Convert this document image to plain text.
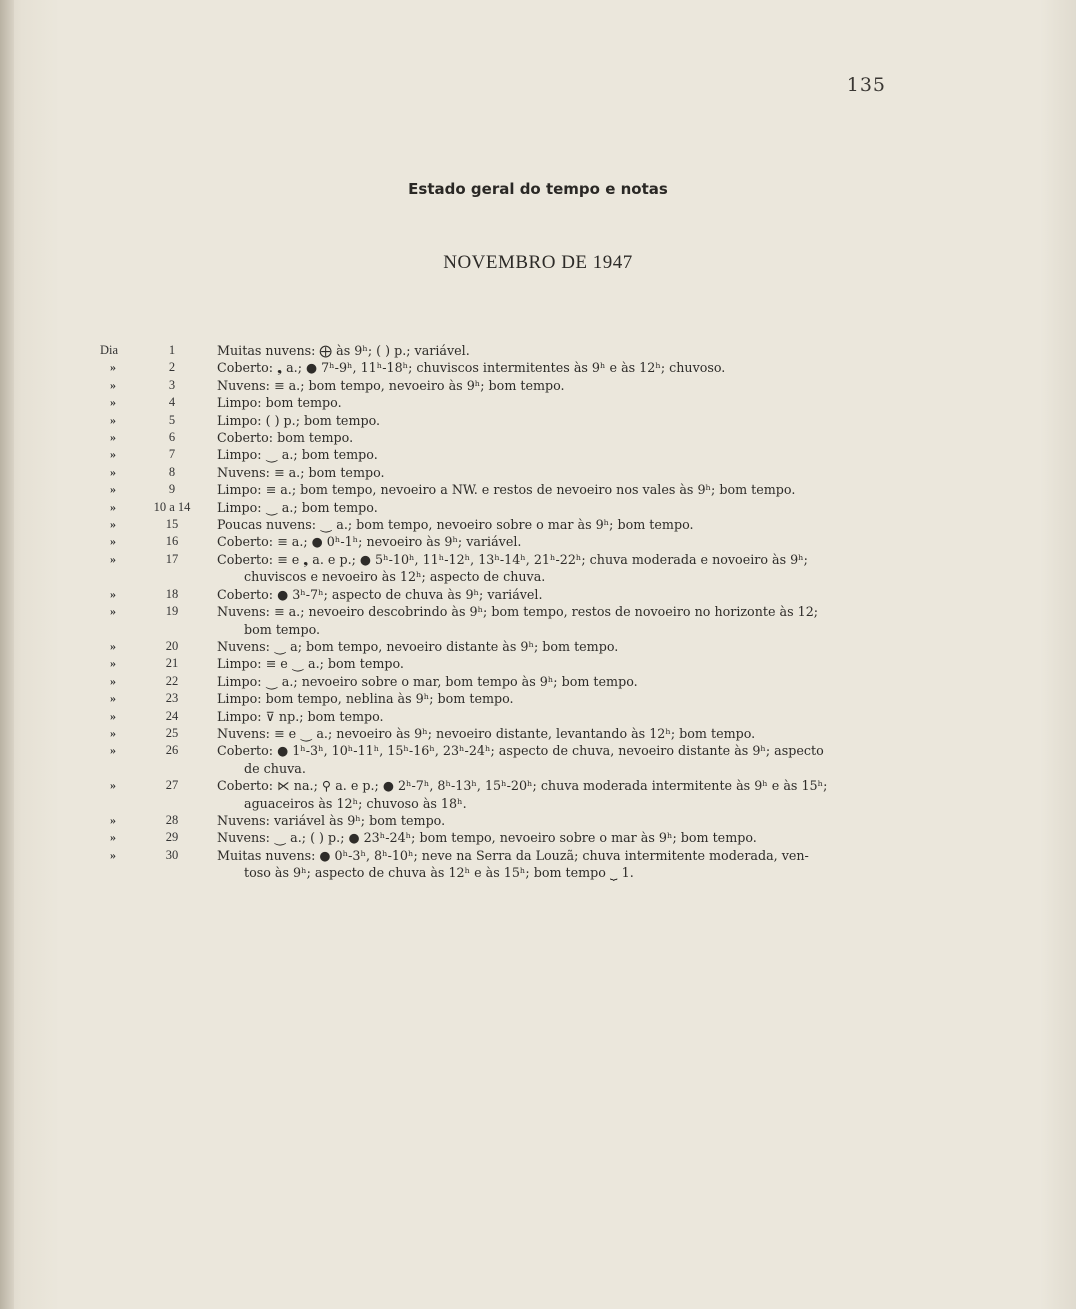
135
Estado geral do tempo e notas
NOVEMBRO DE 1947
Dia	1	Muitas nuvens: ⨁ às 9ʰ; ( ) p.; variável.
»	2	Coberto: ❟ a.; ● 7ʰ-9ʰ, 11ʰ-18ʰ; chuviscos intermitentes às 9ʰ e às 12ʰ; chuvoso.
»	3	Nuvens: ≡ a.; bom tempo, nevoeiro às 9ʰ; bom tempo.
»	4	Limpo: bom tempo.
»	5	Limpo: ( ) p.; bom tempo.
»	6	Coberto: bom tempo.
»	7	Limpo: ⏝ a.; bom tempo.
»	8	Nuvens: ≡ a.; bom tempo.
»	9	Limpo: ≡ a.; bom tempo, nevoeiro a NW. e restos de nevoeiro nos vales às 9ʰ; bom tempo.
»	10 a 14	Limpo: ⏝ a.; bom tempo.
»	15	Poucas nuvens: ⏝ a.; bom tempo, nevoeiro sobre o mar às 9ʰ; bom tempo.
»	16	Coberto: ≡ a.; ● 0ʰ-1ʰ; nevoeiro às 9ʰ; variável.
»	17	Coberto: ≡ e ❟ a. e p.; ● 5ʰ-10ʰ, 11ʰ-12ʰ, 13ʰ-14ʰ, 21ʰ-22ʰ; chuva moderada e novoeiro às 9ʰ;
chuviscos e nevoeiro às 12ʰ; aspecto de chuva.
»	18	Coberto: ● 3ʰ-7ʰ; aspecto de chuva às 9ʰ; variável.
»	19	Nuvens: ≡ a.; nevoeiro descobrindo às 9ʰ; bom tempo, restos de novoeiro no horizonte às 12;
bom tempo.
»	20	Nuvens: ⏝ a; bom tempo, nevoeiro distante às 9ʰ; bom tempo.
»	21	Limpo: ≡ e ⏝ a.; bom tempo.
»	22	Limpo: ⏝ a.; nevoeiro sobre o mar, bom tempo às 9ʰ; bom tempo.
»	23	Limpo: bom tempo, neblina às 9ʰ; bom tempo.
»	24	Limpo: ⊽ np.; bom tempo.
»	25	Nuvens: ≡ e ⏝ a.; nevoeiro às 9ʰ; nevoeiro distante, levantando às 12ʰ; bom tempo.
»	26	Coberto: ● 1ʰ-3ʰ, 10ʰ-11ʰ, 15ʰ-16ʰ, 23ʰ-24ʰ; aspecto de chuva, nevoeiro distante às 9ʰ; aspecto
de chuva.
»	27	Coberto: ⋉ na.; ⚲ a. e p.; ● 2ʰ-7ʰ, 8ʰ-13ʰ, 15ʰ-20ʰ; chuva moderada intermitente às 9ʰ e às 15ʰ;
aguaceiros às 12ʰ; chuvoso às 18ʰ.
»	28	Nuvens: variável às 9ʰ; bom tempo.
»	29	Nuvens: ⏝ a.; ( ) p.; ● 23ʰ-24ʰ; bom tempo, nevoeiro sobre o mar às 9ʰ; bom tempo.
»	30	Muitas nuvens: ● 0ʰ-3ʰ, 8ʰ-10ʰ; neve na Serra da Louzã; chuva intermitente moderada, ven-
toso às 9ʰ; aspecto de chuva às 12ʰ e às 15ʰ; bom tempo ⏟ 1.
